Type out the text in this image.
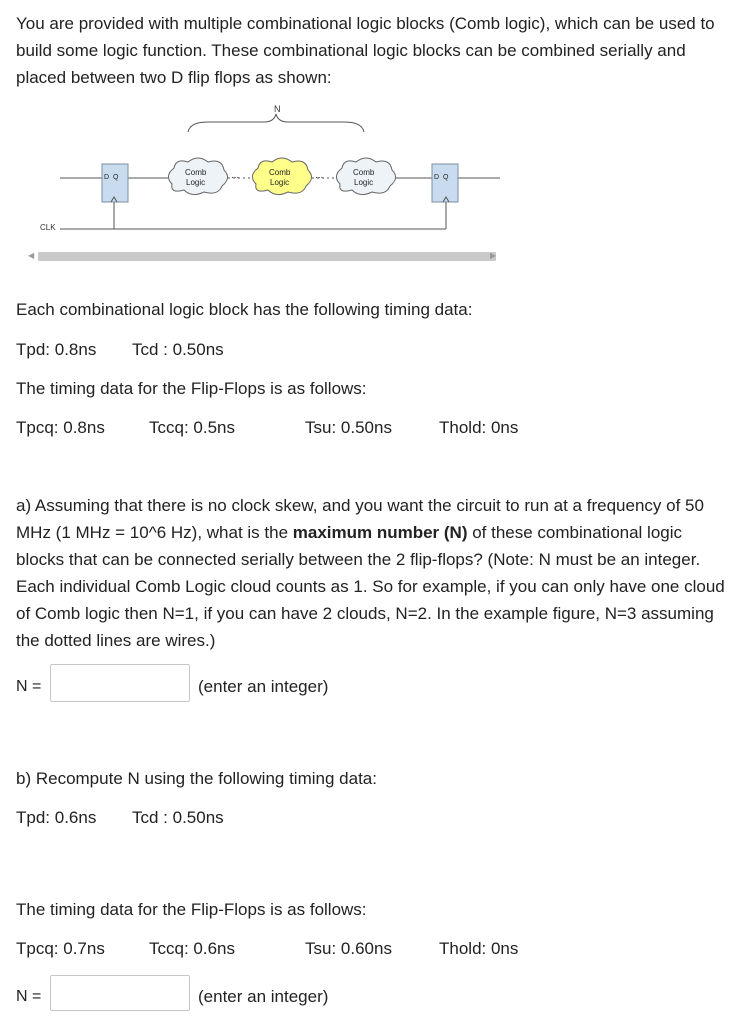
You are provided with multiple combinational logic blocks (Comb logic), which can be used to build some logic function. These combinational logic blocks can be combined serially and placed between two D flip flops as shown:

N
CLK
D  Q	D  Q
Comb
Logic
Comb
Logic
Comb
Logic
...	...
◀	▶
Each combinational logic block has the following timing data:
Tpd: 0.8ns Tcd : 0.50ns
The timing data for the Flip-Flops is as follows:
Tpcq: 0.8ns	Tccq: 0.5ns	Tsu: 0.50ns	Thold: 0ns

a) Assuming that there is no clock skew, and you want the circuit to run at a frequency of 50 MHz (1 MHz = 10^6 Hz), what is the maximum number (N) of these combinational logic blocks that can be connected serially between the 2 flip-flops? (Note: N must be an integer. Each individual Comb Logic cloud counts as 1. So for example, if you can only have one cloud of Comb logic then N=1, if you can have 2 clouds, N=2. In the example figure, N=3 assuming the dotted lines are wires.)

N =	(enter an integer)
b) Recompute N using the following timing data:
Tpd: 0.6ns Tcd : 0.50ns
The timing data for the Flip-Flops is as follows:
Tpcq: 0.7ns	Tccq: 0.6ns	Tsu: 0.60ns	Thold: 0ns
N =	(enter an integer)
